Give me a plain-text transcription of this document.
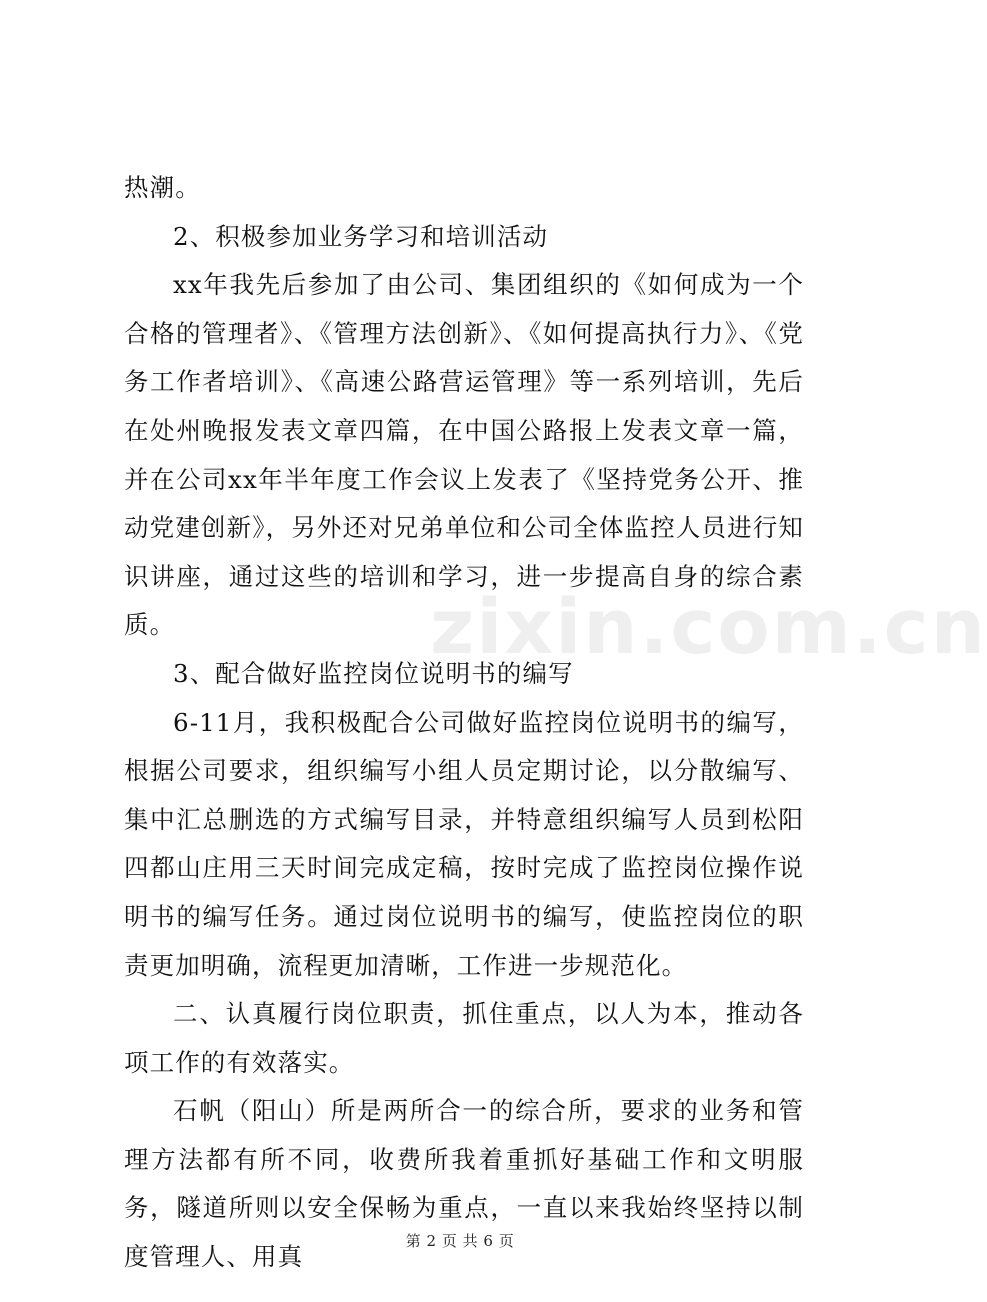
zixin.com.cn

热潮。

2、积极参加业务学习和培训活动

xx年我先后参加了由公司、集团组织的《如何成为一个合格的管理者》、《管理方法创新》、《如何提高执行力》、《党务工作者培训》、《高速公路营运管理》等一系列培训，先后在处州晚报发表文章四篇，在中国公路报上发表文章一篇，并在公司xx年半年度工作会议上发表了《坚持党务公开、推动党建创新》，另外还对兄弟单位和公司全体监控人员进行知识讲座，通过这些的培训和学习，进一步提高自身的综合素质。

3、配合做好监控岗位说明书的编写

6-11月，我积极配合公司做好监控岗位说明书的编写，根据公司要求，组织编写小组人员定期讨论，以分散编写、集中汇总删选的方式编写目录，并特意组织编写人员到松阳四都山庄用三天时间完成定稿，按时完成了监控岗位操作说明书的编写任务。通过岗位说明书的编写，使监控岗位的职责更加明确，流程更加清晰，工作进一步规范化。

二、认真履行岗位职责，抓住重点，以人为本，推动各项工作的有效落实。

石帆（阳山）所是两所合一的综合所，要求的业务和管理方法都有所不同，收费所我着重抓好基础工作和文明服务，隧道所则以安全保畅为重点，一直以来我始终坚持以制度管理人、用真

第 2 页 共 6 页
